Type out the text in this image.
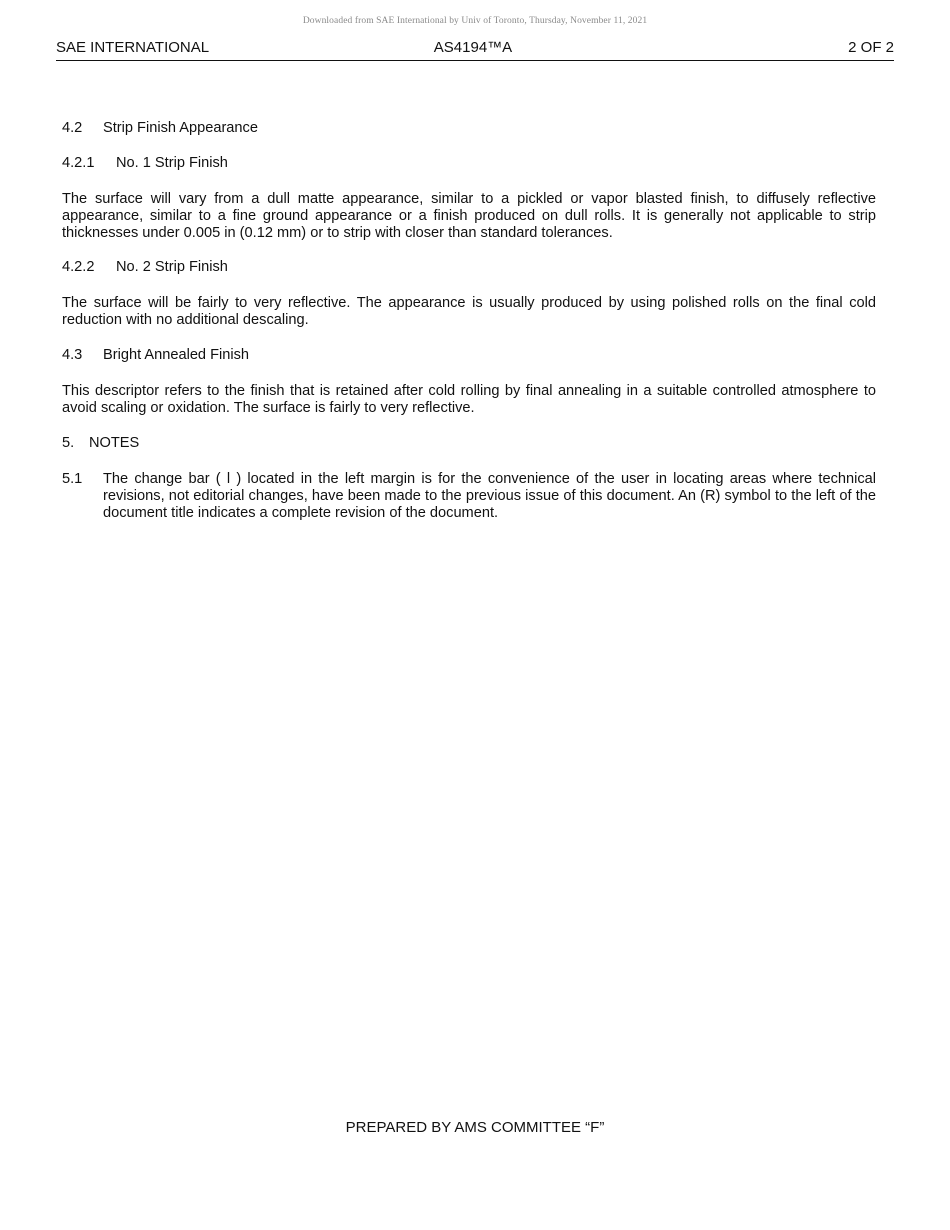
Downloaded from SAE International by Univ of Toronto, Thursday, November 11, 2021
SAE INTERNATIONAL	AS4194™A	2 OF 2
4.2	Strip Finish Appearance
4.2.1	No. 1 Strip Finish

The surface will vary from a dull matte appearance, similar to a pickled or vapor blasted finish, to diffusely reflective appearance, similar to a fine ground appearance or a finish produced on dull rolls. It is generally not applicable to strip thicknesses under 0.005 in (0.12 mm) or to strip with closer than standard tolerances.

4.2.2	No. 2 Strip Finish

The surface will be fairly to very reflective. The appearance is usually produced by using polished rolls on the final cold reduction with no additional descaling.

4.3	Bright Annealed Finish

This descriptor refers to the finish that is retained after cold rolling by final annealing in a suitable controlled atmosphere to avoid scaling or oxidation. The surface is fairly to very reflective.

5.	NOTES
5.1	The change bar ( l ) located in the left margin is for the convenience of the user in locating areas where technical revisions, not editorial changes, have been made to the previous issue of this document. An (R) symbol to the left of the document title indicates a complete revision of the document.
PREPARED BY AMS COMMITTEE “F”
